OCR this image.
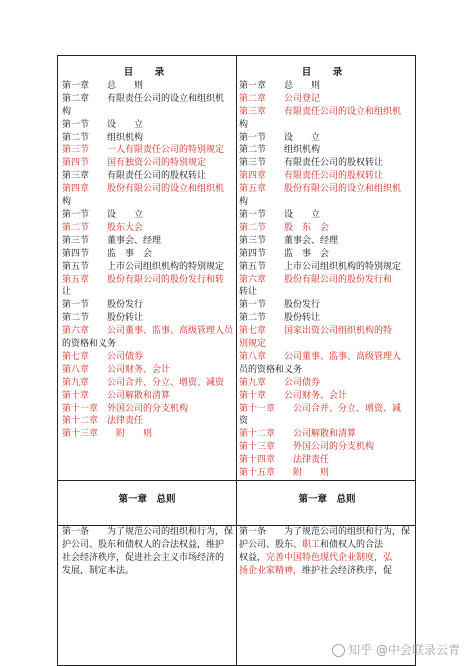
目　录
第一章　　总　　则
第二章　　有限责任公司的设立和组织机
构
第一节　　设　　立
第二节　　组织机构
第三节　　一人有限责任公司的特别规定
第四节　　国有独资公司的特别规定
第三章　　有限责任公司的股权转让
第四章　　股份有限公司的设立和组织机
构
第一节　　设　　立
第二节　　股东大会
第三节　　董事会、经理
第四节　　监　事　会
第五节　　上市公司组织机构的特别规定
第五章　　股份有限公司的股份发行和转
让
第一节　　股份发行
第二节　　股份转让
第六章　　公司董事、监事、高级管理人员
的资格和义务
第七章　　公司债券
第八章　　公司财务、会计
第九章　　公司合并、分立、增资、减资
第十章　　公司解散和清算
第十一章　外国公司的分支机构
第十二章　法律责任
第十三章　　附　　则
目　录
第一章　　总　　则
第二章　　公司登记
第三章　　有限责任公司的设立和组织机
构
第一节　　设　　立
第二节　　组织机构
第三节　　有限责任公司的股权转让
第四章　　有限责任公司的股权转让
第五章　　股份有限公司的设立和组织机
构
第一节　　设　　立
第二节　　股　东　会
第三节　　董事会、经理
第四节　　监　事　会
第五节　　上市公司组织机构的特别规定
第六章　　股份有限公司的股份发行和
转让
第一节　　股份发行
第二节　　股份转让
第七章　　国家出资公司组织机构的特
别规定
第八章　　公司董事、监事、高级管理人
员的资格和义务
第九章　　公司债券
第十章　　公司财务、会计
第十一章　　公司合并、分立、增资、减
资
第十二章　　公司解散和清算
第十三章　　外国公司的分支机构
第十四章　　法律责任
第十五章　　附　　则
第一章　总则	第一章　总则
第一条　　为了规范公司的组织和行为，保
护公司、股东和债权人的合法权益，维护
社会经济秩序，促进社会主义市场经济的
发展，制定本法。
第一条　　为了规范公司的组织和行为，保
护公司、股东、职工和债权人的合法
权益，完善中国特色现代企业制度，弘
扬企业家精神，维护社会经济秩序，促
知乎 @中会联录云青
